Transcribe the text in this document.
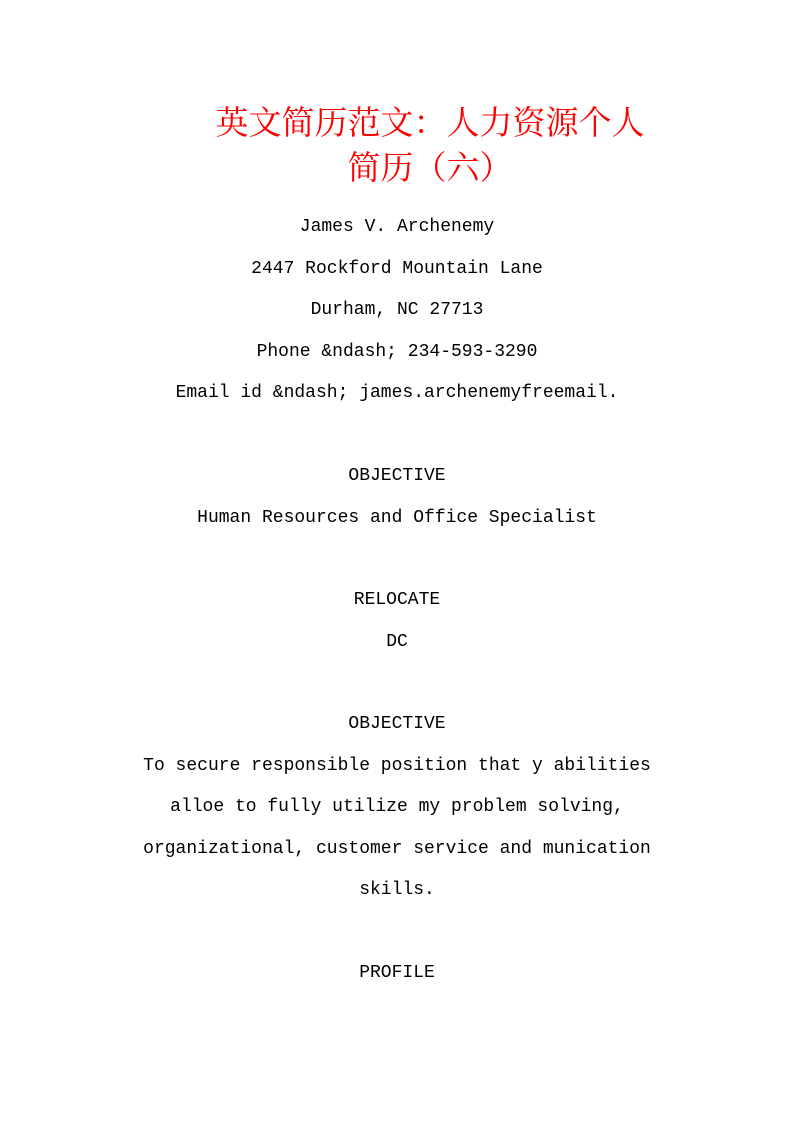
英文简历范文：人力资源个人
简历（六）

James V. Archenemy

2447 Rockford Mountain Lane

Durham, NC 27713

Phone &ndash; 234-593-3290

Email id &ndash; james.archenemyfreemail.

OBJECTIVE

Human Resources and Office Specialist

RELOCATE

DC

OBJECTIVE

To secure responsible position that y abilities

alloe to fully utilize my problem solving,

organizational, customer service and munication

skills.

PROFILE
